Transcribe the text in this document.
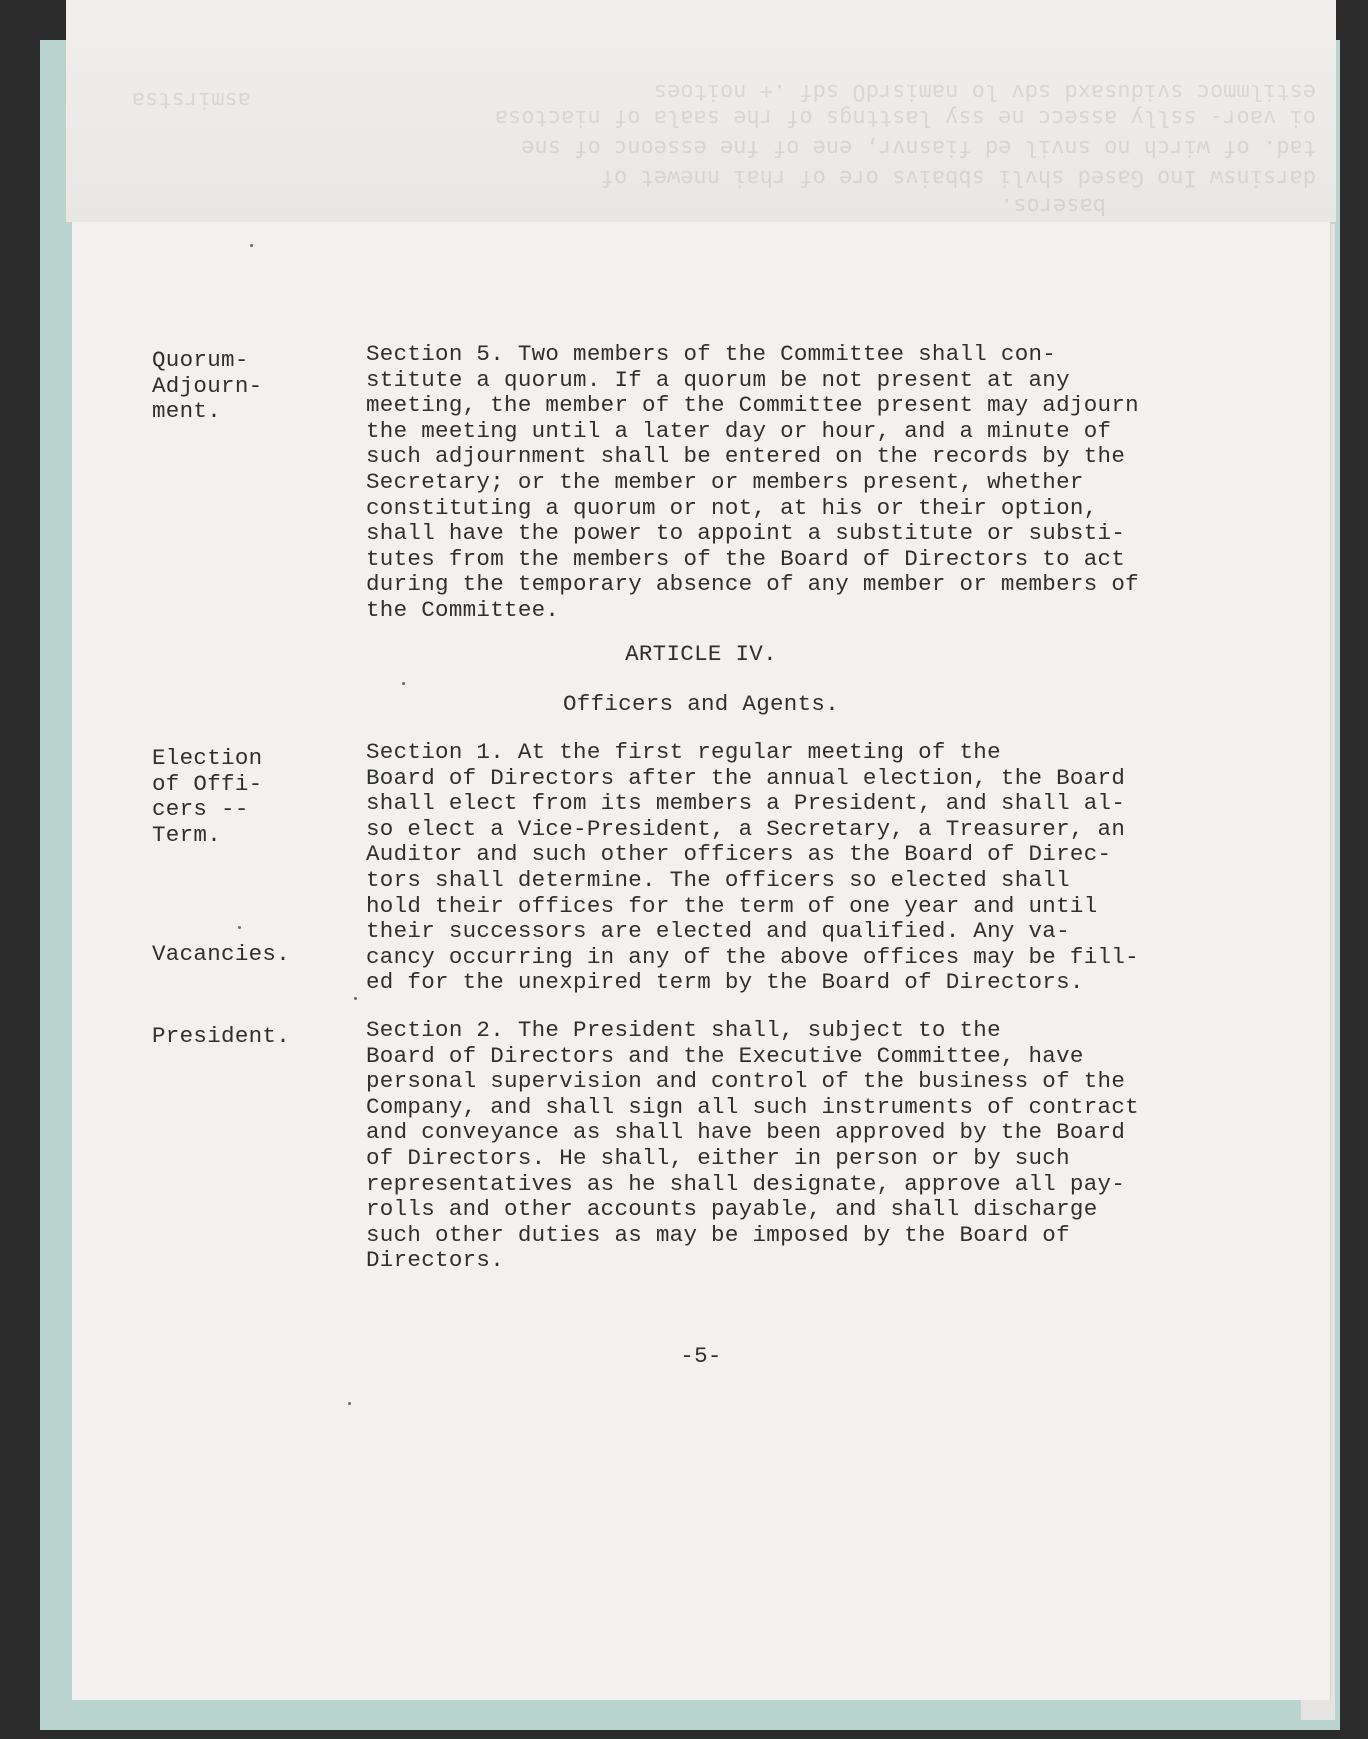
baseros.

darsinsw Ino Gased shvli sbbaivs ore of rhai nnewet of

tad. of wirch no snvil ed fiasnvr, ene of fne esseonc of sne

oi vaor- sslly assecc ne ssy lasttngs of rhe saala of niactosa

asmirstsa

	estilmmoc svidusaxd sdv lo namisrdO sdf .+ noitoes

Quorum-
Adjourn-
ment.

Section 5. Two members of the Committee shall con-
stitute a quorum. If a quorum be not present at any
meeting, the member of the Committee present may adjourn
the meeting until a later day or hour, and a minute of
such adjournment shall be entered on the records by the
Secretary; or the member or members present, whether
constituting a quorum or not, at his or their option,
shall have the power to appoint a substitute or substi-
tutes from the members of the Board of Directors to act
during the temporary absence of any member or members of
the Committee.

ARTICLE IV.
Officers and Agents.
Election
of Offi-
cers --
Term.
Vacancies.

Section 1. At the first regular meeting of the
Board of Directors after the annual election, the Board
shall elect from its members a President, and shall al-
so elect a Vice-President, a Secretary, a Treasurer, an
Auditor and such other officers as the Board of Direc-
tors shall determine. The officers so elected shall
hold their offices for the term of one year and until
their successors are elected and qualified. Any va-
cancy occurring in any of the above offices may be fill-
ed for the unexpired term by the Board of Directors.

President.	Section 2. The President shall, subject to the
Board of Directors and the Executive Committee, have
personal supervision and control of the business of the
Company, and shall sign all such instruments of contract
and conveyance as shall have been approved by the Board
of Directors. He shall, either in person or by such
representatives as he shall designate, approve all pay-
rolls and other accounts payable, and shall discharge
such other duties as may be imposed by the Board of
Directors.

-5-
